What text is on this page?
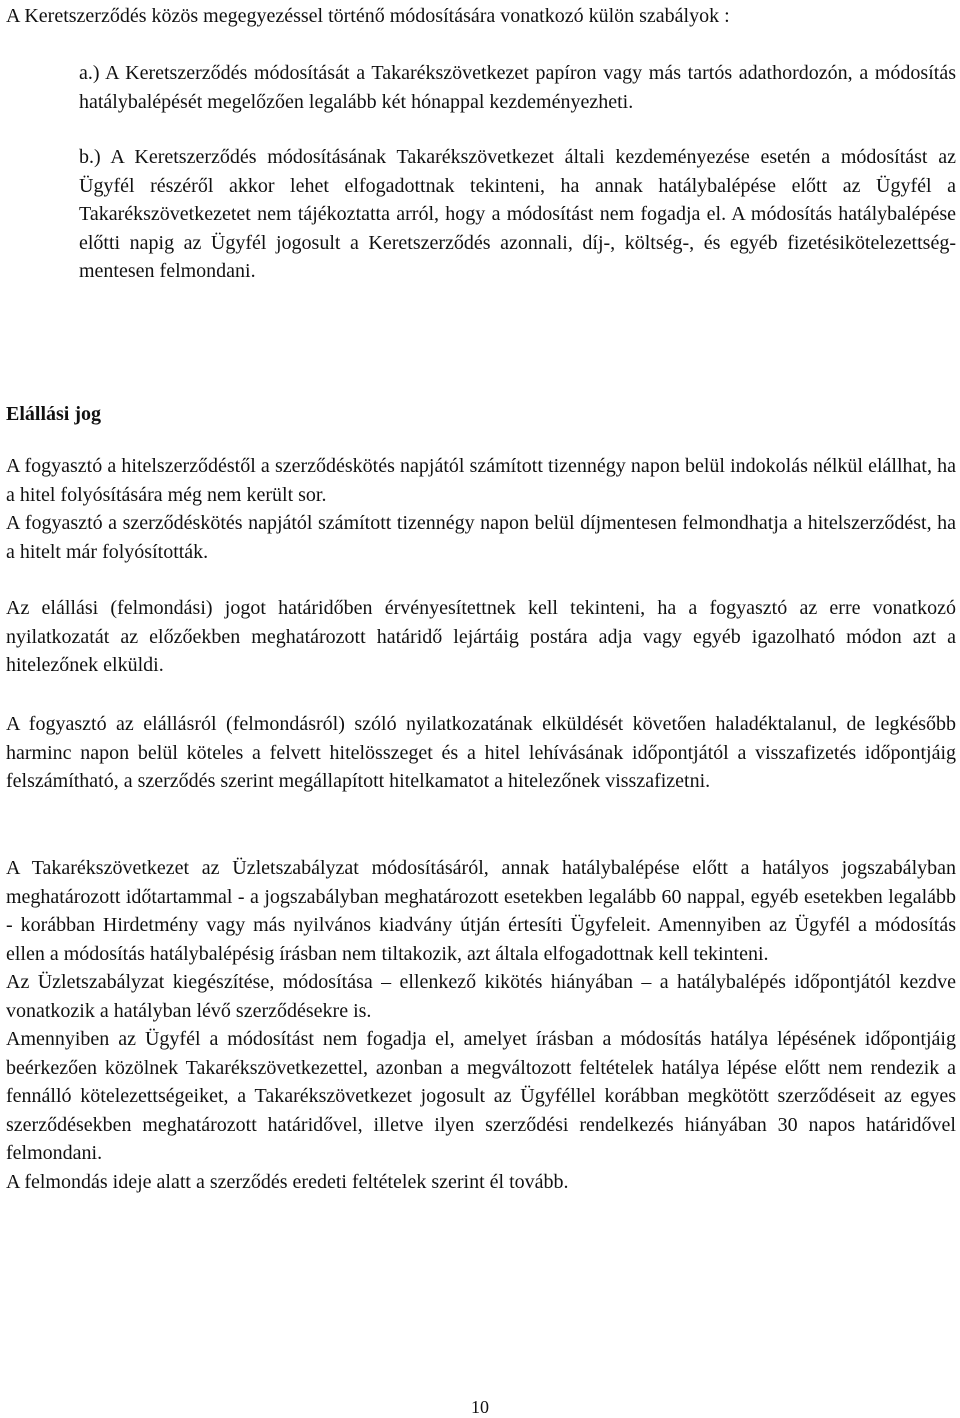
A Keretszerződés közös megegyezéssel történő módosítására vonatkozó külön szabályok :

a.) A Keretszerződés módosítását a Takarékszövetkezet papíron vagy más tartós adathordozón, a módosítás hatálybalépését megelőzően legalább két hónappal kezdeményezheti.
b.) A Keretszerződés módosításának Takarékszövetkezet általi kezdeményezése esetén a módosítást az Ügyfél részéről akkor lehet elfogadottnak tekinteni, ha annak hatálybalépése előtt az Ügyfél a Takarékszövetkezetet nem tájékoztatta arról, hogy a módosítást nem fogadja el. A módosítás hatálybalépése előtti napig az Ügyfél jogosult a Keretszerződés azonnali, díj-, költség-, és egyéb fizetésikötelezettség-mentesen felmondani.
Elállási jog

A fogyasztó a hitelszerződéstől a szerződéskötés napjától számított tizennégy napon belül indokolás nélkül elállhat, ha a hitel folyósítására még nem került sor.

A fogyasztó a szerződéskötés napjától számított tizennégy napon belül díjmentesen felmondhatja a hitelszerződést, ha a hitelt már folyósították.

Az elállási (felmondási) jogot határidőben érvényesítettnek kell tekinteni, ha a fogyasztó az erre vonatkozó nyilatkozatát az előzőekben meghatározott határidő lejártáig postára adja vagy egyéb igazolható módon azt a hitelezőnek elküldi.

A fogyasztó az elállásról (felmondásról) szóló nyilatkozatának elküldését követően haladéktalanul, de legkésőbb harminc napon belül köteles a felvett hitelösszeget és a hitel lehívásának időpontjától a visszafizetés időpontjáig felszámítható, a szerződés szerint megállapított hitelkamatot a hitelezőnek visszafizetni.

A Takarékszövetkezet az Üzletszabályzat módosításáról, annak hatálybalépése előtt a hatályos jogszabályban meghatározott időtartammal - a jogszabályban meghatározott esetekben legalább 60 nappal, egyéb esetekben legalább - korábban Hirdetmény vagy más nyilvános kiadvány útján értesíti Ügyfeleit. Amennyiben az Ügyfél a módosítás ellen a módosítás hatálybalépésig írásban nem tiltakozik, azt általa elfogadottnak kell tekinteni.

Az Üzletszabályzat kiegészítése, módosítása – ellenkező kikötés hiányában – a hatálybalépés időpontjától kezdve vonatkozik a hatályban lévő szerződésekre is.

Amennyiben az Ügyfél a módosítást nem fogadja el, amelyet írásban a módosítás hatálya lépésének időpontjáig beérkezően közölnek Takarékszövetkezettel, azonban a megváltozott feltételek hatálya lépése előtt nem rendezik a fennálló kötelezettségeiket, a Takarékszövetkezet jogosult az Ügyféllel korábban megkötött szerződéseit az egyes szerződésekben meghatározott határidővel, illetve ilyen szerződési rendelkezés hiányában 30 napos határidővel felmondani.

A felmondás ideje alatt a szerződés eredeti feltételek szerint él tovább.

10
